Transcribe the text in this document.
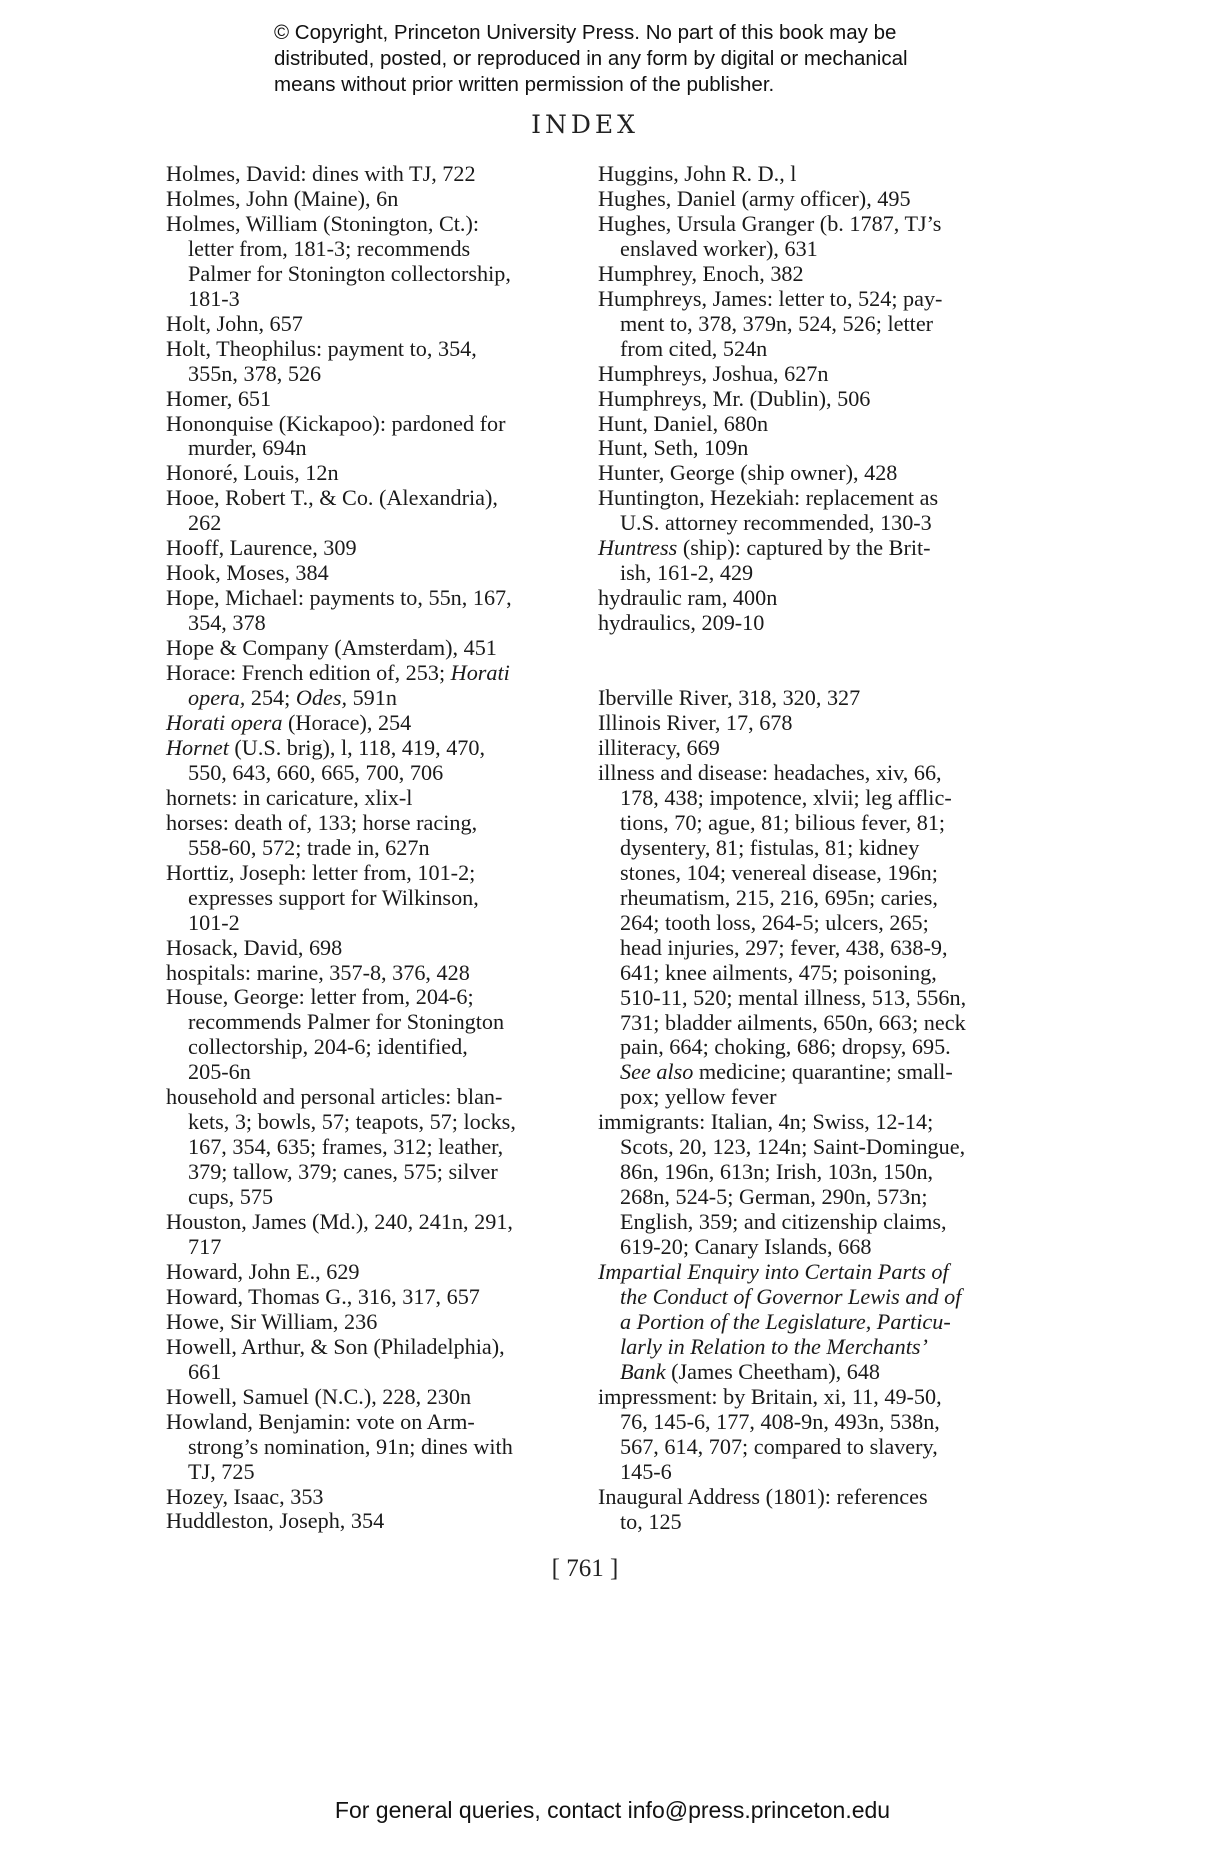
© Copyright, Princeton University Press. No part of this book may be
distributed, posted, or reproduced in any form by digital or mechanical
means without prior written permission of the publisher.
INDEX
Holmes, David: dines with TJ, 722
Holmes, John (Maine), 6n
Holmes, William (Stonington, Ct.):
letter from, 181-3; recommends
Palmer for Stonington collectorship,
181-3
Holt, John, 657
Holt, Theophilus: payment to, 354,
355n, 378, 526
Homer, 651
Hononquise (Kickapoo): pardoned for
murder, 694n
Honoré, Louis, 12n
Hooe, Robert T., & Co. (Alexandria),
262
Hooff, Laurence, 309
Hook, Moses, 384
Hope, Michael: payments to, 55n, 167,
354, 378
Hope & Company (Amsterdam), 451
Horace: French edition of, 253; Horati
opera, 254; Odes, 591n
Horati opera (Horace), 254
Hornet (U.S. brig), l, 118, 419, 470,
550, 643, 660, 665, 700, 706
hornets: in caricature, xlix-l
horses: death of, 133; horse racing,
558-60, 572; trade in, 627n
Horttiz, Joseph: letter from, 101-2;
expresses support for Wilkinson,
101-2
Hosack, David, 698
hospitals: marine, 357-8, 376, 428
House, George: letter from, 204-6;
recommends Palmer for Stonington
collectorship, 204-6; identified,
205-6n
household and personal articles: blan-
kets, 3; bowls, 57; teapots, 57; locks,
167, 354, 635; frames, 312; leather,
379; tallow, 379; canes, 575; silver
cups, 575
Houston, James (Md.), 240, 241n, 291,
717
Howard, John E., 629
Howard, Thomas G., 316, 317, 657
Howe, Sir William, 236
Howell, Arthur, & Son (Philadelphia),
661
Howell, Samuel (N.C.), 228, 230n
Howland, Benjamin: vote on Arm-
strong’s nomination, 91n; dines with
TJ, 725
Hozey, Isaac, 353
Huddleston, Joseph, 354
Huggins, John R. D., l
Hughes, Daniel (army officer), 495
Hughes, Ursula Granger (b. 1787, TJ’s
enslaved worker), 631
Humphrey, Enoch, 382
Humphreys, James: letter to, 524; pay-
ment to, 378, 379n, 524, 526; letter
from cited, 524n
Humphreys, Joshua, 627n
Humphreys, Mr. (Dublin), 506
Hunt, Daniel, 680n
Hunt, Seth, 109n
Hunter, George (ship owner), 428
Huntington, Hezekiah: replacement as
U.S. attorney recommended, 130-3
Huntress (ship): captured by the Brit-
ish, 161-2, 429
hydraulic ram, 400n
hydraulics, 209-10
Iberville River, 318, 320, 327
Illinois River, 17, 678
illiteracy, 669
illness and disease: headaches, xiv, 66,
178, 438; impotence, xlvii; leg afflic-
tions, 70; ague, 81; bilious fever, 81;
dysentery, 81; fistulas, 81; kidney
stones, 104; venereal disease, 196n;
rheumatism, 215, 216, 695n; caries,
264; tooth loss, 264-5; ulcers, 265;
head injuries, 297; fever, 438, 638-9,
641; knee ailments, 475; poisoning,
510-11, 520; mental illness, 513, 556n,
731; bladder ailments, 650n, 663; neck
pain, 664; choking, 686; dropsy, 695.
See also medicine; quarantine; small-
pox; yellow fever
immigrants: Italian, 4n; Swiss, 12-14;
Scots, 20, 123, 124n; Saint-Domingue,
86n, 196n, 613n; Irish, 103n, 150n,
268n, 524-5; German, 290n, 573n;
English, 359; and citizenship claims,
619-20; Canary Islands, 668
Impartial Enquiry into Certain Parts of
the Conduct of Governor Lewis and of
a Portion of the Legislature, Particu-
larly in Relation to the Merchants’
Bank (James Cheetham), 648
impressment: by Britain, xi, 11, 49-50,
76, 145-6, 177, 408-9n, 493n, 538n,
567, 614, 707; compared to slavery,
145-6
Inaugural Address (1801): references
to, 125
[ 761 ]
For general queries, contact info@press.princeton.edu
